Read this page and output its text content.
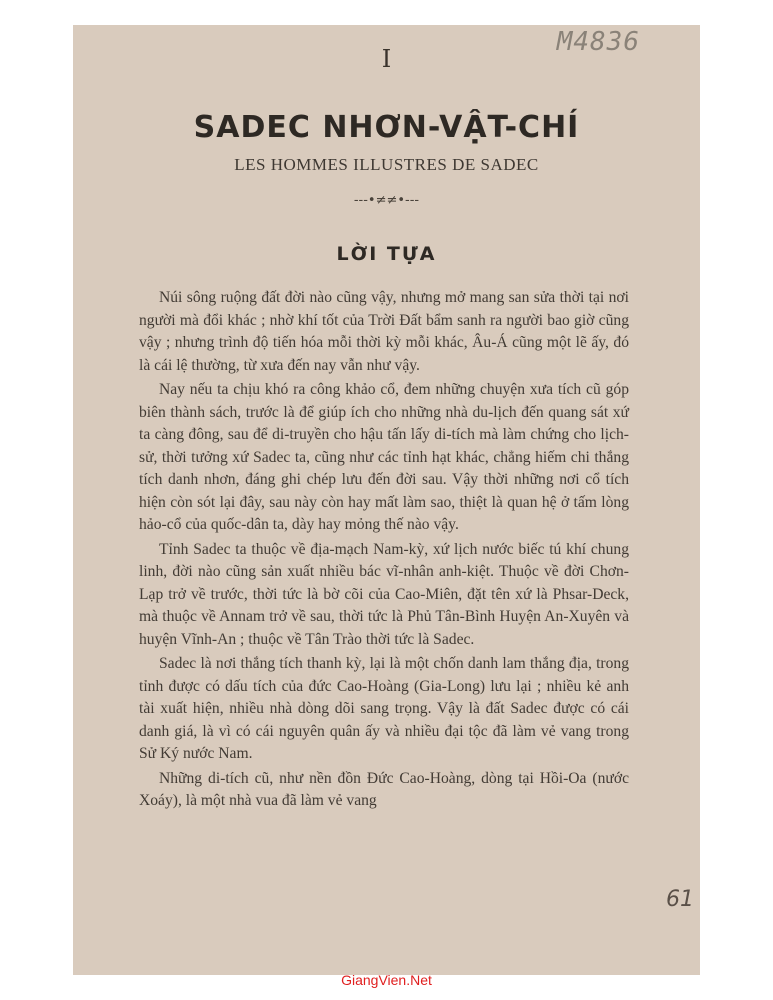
M4836
I
SADEC NHƠN-VẬT-CHÍ
LES HOMMES ILLUSTRES DE SADEC
---•≠≠•---
LỜI TỰA

Núi sông ruộng đất đời nào cũng vậy, nhưng mở mang san sửa thời tại nơi người mà đổi khác ; nhờ khí tốt của Trời Đất bẩm sanh ra người bao giờ cũng vậy ; nhưng trình độ tiến hóa mỗi thời kỳ mỗi khác, Âu-Á cũng một lẽ ấy, đó là cái lệ thường, từ xưa đến nay vẫn như vậy.

Nay nếu ta chịu khó ra công khảo cổ, đem những chuyện xưa tích cũ góp biên thành sách, trước là để giúp ích cho những nhà du-lịch đến quang sát xứ ta càng đông, sau để di-truyền cho hậu tấn lấy di-tích mà làm chứng cho lịch-sử, thời tưởng xứ Sadec ta, cũng như các tỉnh hạt khác, chẳng hiếm chi thắng tích danh nhơn, đáng ghi chép lưu đến đời sau. Vậy thời những nơi cổ tích hiện còn sót lại đây, sau này còn hay mất làm sao, thiệt là quan hệ ở tấm lòng hảo-cổ của quốc-dân ta, dày hay mỏng thế nào vậy.

Tỉnh Sadec ta thuộc về địa-mạch Nam-kỳ, xứ lịch nước biếc tú khí chung linh, đời nào cũng sản xuất nhiều bác vĩ-nhân anh-kiệt. Thuộc về đời Chơn-Lạp trở về trước, thời tức là bờ cõi của Cao-Miên, đặt tên xứ là Phsar-Deck, mà thuộc về Annam trở về sau, thời tức là Phủ Tân-Bình Huyện An-Xuyên và huyện Vĩnh-An ; thuộc về Tân Trào thời tức là Sadec.

Sadec là nơi thắng tích thanh kỳ, lại là một chốn danh lam thắng địa, trong tỉnh được có dấu tích của đức Cao-Hoàng (Gia-Long) lưu lại ; nhiều kẻ anh tài xuất hiện, nhiều nhà dòng dõi sang trọng. Vậy là đất Sadec được có cái danh giá, là vì có cái nguyên quân ấy và nhiều đại tộc đã làm vẻ vang trong Sử Ký nước Nam.

Những di-tích cũ, như nền đồn Đức Cao-Hoàng, dòng tại Hồi-Oa (nước Xoáy), là một nhà vua đã làm vẻ vang

61
GiangVien.Net
